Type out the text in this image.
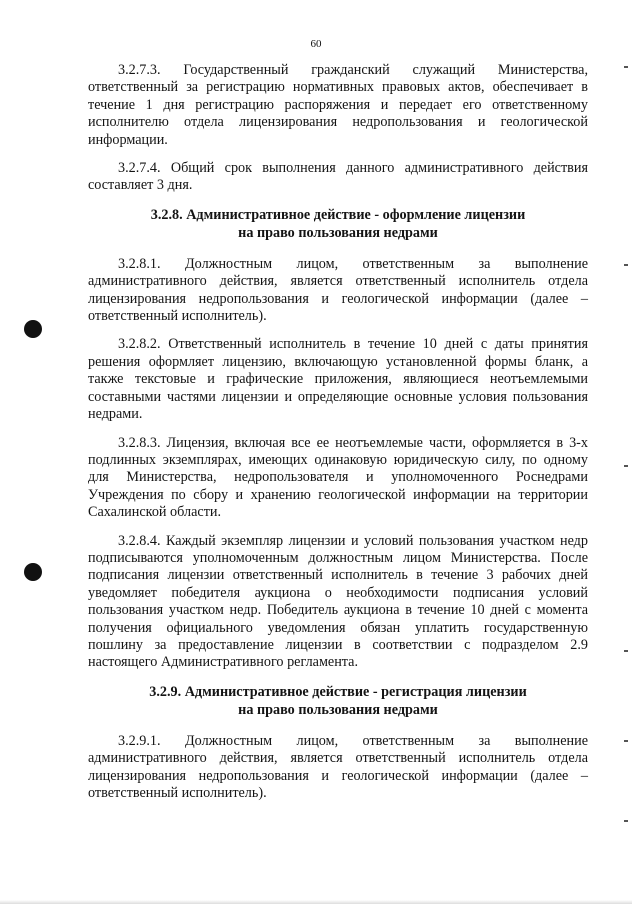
60

3.2.7.3. Государственный гражданский служащий Министерства, ответственный за регистрацию нормативных правовых актов, обеспечивает в течение 1 дня регистрацию распоряжения и передает его ответственному исполнителю отдела лицензирования недропользования и геологической информации.

3.2.7.4. Общий срок выполнения данного административного действия составляет 3 дня.

3.2.8. Административное действие - оформление лицензии
на право пользования недрами

3.2.8.1. Должностным лицом, ответственным за выполнение административного действия, является ответственный исполнитель отдела лицензирования недропользования и геологической информации (далее – ответственный исполнитель).

3.2.8.2. Ответственный исполнитель в течение 10 дней с даты принятия решения оформляет лицензию, включающую установленной формы бланк, а также текстовые и графические приложения, являющиеся неотъемлемыми составными частями лицензии и определяющие основные условия пользования недрами.

3.2.8.3. Лицензия, включая все ее неотъемлемые части, оформляется в 3-х подлинных экземплярах, имеющих одинаковую юридическую силу, по одному для Министерства, недропользователя и уполномоченного Роснедрами Учреждения по сбору и хранению геологической информации на территории Сахалинской области.

3.2.8.4. Каждый экземпляр лицензии и условий пользования участком недр подписываются уполномоченным должностным лицом Министерства. После подписания лицензии ответственный исполнитель в течение 3 рабочих дней уведомляет победителя аукциона о необходимости подписания условий пользования участком недр. Победитель аукциона в течение 10 дней с момента получения официального уведомления обязан уплатить государственную пошлину за предоставление лицензии в соответствии с подразделом 2.9 настоящего Административного регламента.

3.2.9. Административное действие - регистрация лицензии
на право пользования недрами

3.2.9.1. Должностным лицом, ответственным за выполнение административного действия, является ответственный исполнитель отдела лицензирования недропользования и геологической информации (далее – ответственный исполнитель).
